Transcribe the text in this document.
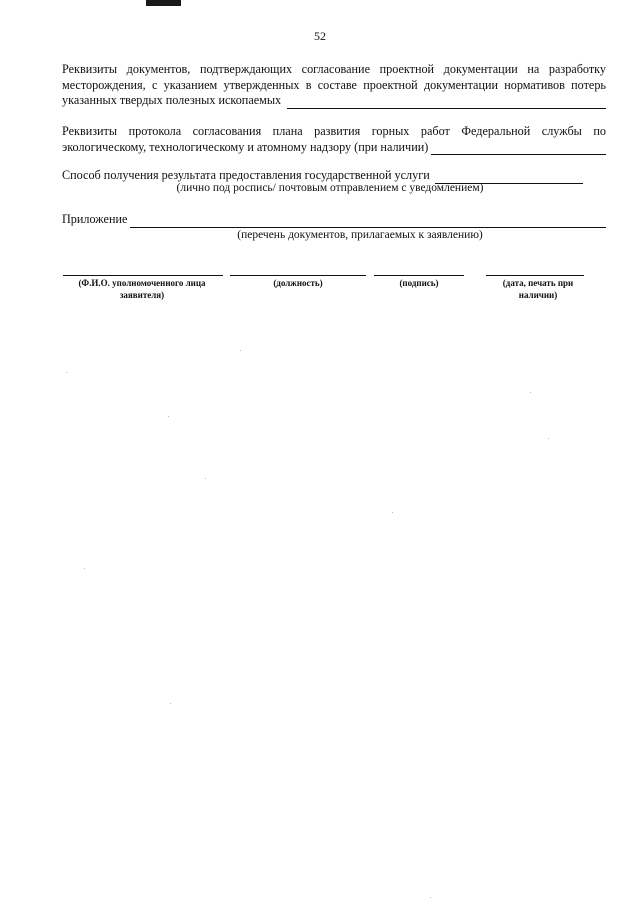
52
Реквизиты документов, подтверждающих согласование проектной документации на разработку
месторождения, с указанием утвержденных в составе проектной документации нормативов потерь
указанных твердых полезных ископаемых
Реквизиты протокола согласования плана развития горных работ Федеральной службы по
экологическому, технологическому и атомному надзору (при наличии)
Способ получения результата предоставления государственной услуги
(лично под роспись/ почтовым отправлением с уведомлением)
Приложение
(перечень документов, прилагаемых к заявлению)
(Ф.И.О. уполномоченного лица заявителя)
(должность)	(подпись)	(дата, печать при наличии)
